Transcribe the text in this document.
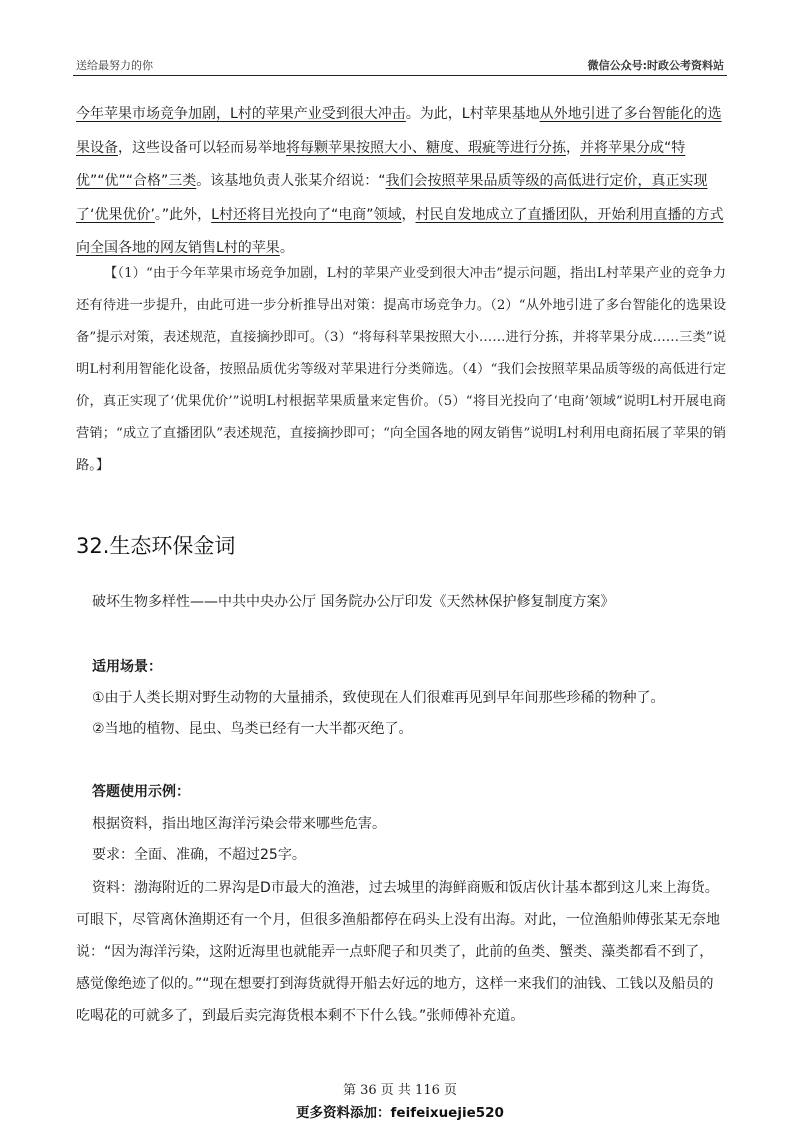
送给最努力的你	微信公众号:时政公考资料站
今年苹果市场竞争加剧，L村的苹果产业受到很大冲击。为此，L村苹果基地从外地引进了多台智能化的选果设备，这些设备可以轻而易举地将每颗苹果按照大小、糖度、瑕疵等进行分拣，并将苹果分成“特优”“优”“合格”三类。该基地负责人张某介绍说：“我们会按照苹果品质等级的高低进行定价，真正实现了‘优果优价’。”此外，L村还将目光投向了“电商”领域，村民自发地成立了直播团队，开始利用直播的方式向全国各地的网友销售L村的苹果。
【（1）“由于今年苹果市场竞争加剧，L村的苹果产业受到很大冲击”提示问题，指出L村苹果产业的竞争力还有待进一步提升，由此可进一步分析推导出对策：提高市场竞争力。（2）“从外地引进了多台智能化的选果设备”提示对策，表述规范，直接摘抄即可。（3）“将每科苹果按照大小……进行分拣，并将苹果分成……三类”说明L村利用智能化设备，按照品质优劣等级对苹果进行分类筛选。（4）“我们会按照苹果品质等级的高低进行定价，真正实现了‘优果优价’”说明L村根据苹果质量来定售价。（5）“将目光投向了‘电商’领域”说明L村开展电商营销；“成立了直播团队”表述规范，直接摘抄即可；“向全国各地的网友销售”说明L村利用电商拓展了苹果的销路。】
32.生态环保金词
破坏生物多样性——中共中央办公厅 国务院办公厅印发《天然林保护修复制度方案》
适用场景：
①由于人类长期对野生动物的大量捕杀，致使现在人们很难再见到早年间那些珍稀的物种了。
②当地的植物、昆虫、鸟类已经有一大半都灭绝了。
答题使用示例：
根据资料，指出地区海洋污染会带来哪些危害。
要求：全面、准确，不超过25字。
资料：渤海附近的二界沟是D市最大的渔港，过去城里的海鲜商贩和饭店伙计基本都到这儿来上海货。可眼下，尽管离休渔期还有一个月，但很多渔船都停在码头上没有出海。对此，一位渔船帅傅张某无奈地说：“因为海洋污染，这附近海里也就能弄一点虾爬子和贝类了，此前的鱼类、蟹类、藻类都看不到了，感觉像绝迹了似的。”“现在想要打到海货就得开船去好远的地方，这样一来我们的油钱、工钱以及船员的吃喝花的可就多了，到最后卖完海货根本剩不下什么钱。”张师傅补充道。
第 36 页 共 116 页
更多资料添加：feifeixuejie520
